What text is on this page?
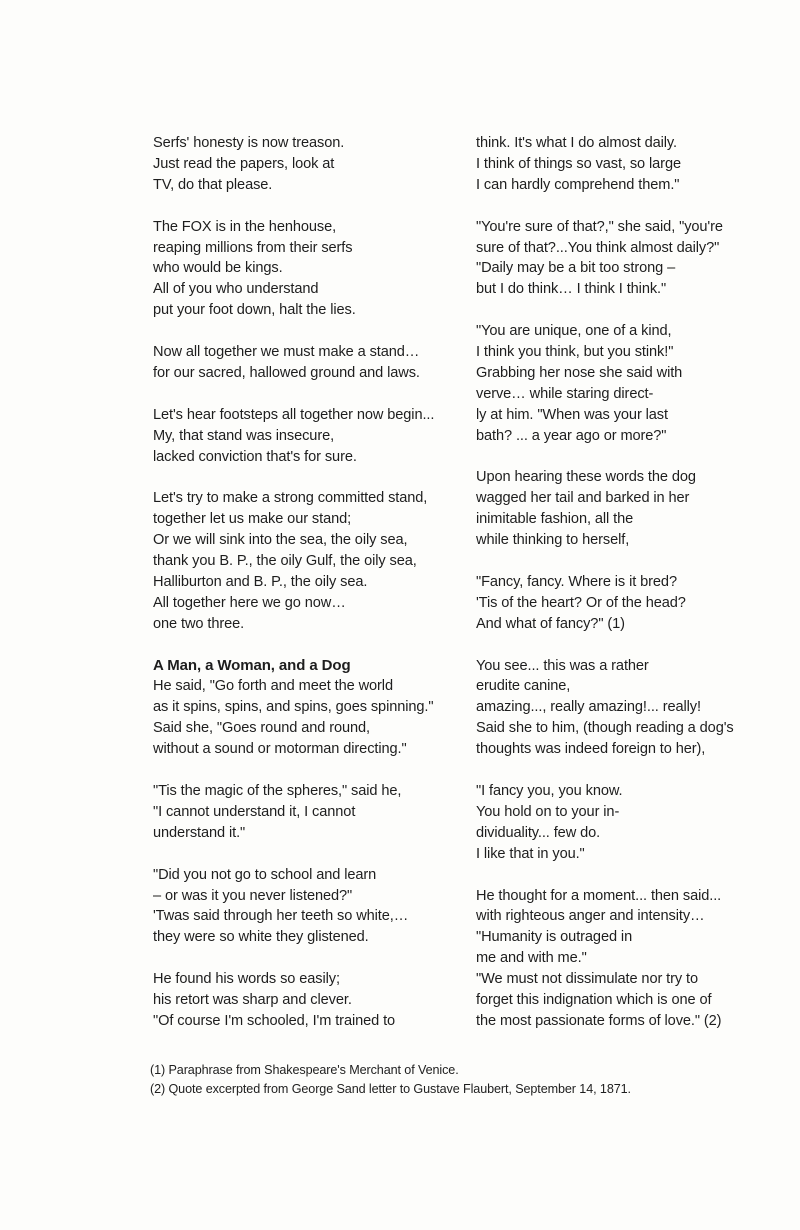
Serfs' honesty is now treason.
Just read the papers, look at
TV, do that please.
The FOX is in the henhouse,
reaping millions from their serfs
who would be kings.
All of you who understand
put your foot down, halt the lies.
Now all together we must make a stand…
for our sacred, hallowed ground and laws.
Let's hear footsteps all together now begin...
My, that stand was insecure,
lacked conviction that's for sure.
Let's try to make a strong committed stand,
together let us make our stand;
Or we will sink into the sea, the oily sea,
thank you B. P., the oily Gulf, the oily sea,
Halliburton and B. P., the oily sea.
All together here we go now…
one two three.
A Man, a Woman, and a Dog
He said, "Go forth and meet the world
as it spins, spins, and spins, goes spinning."
Said she, "Goes round and round,
without a sound or motorman directing."
"Tis the magic of the spheres," said he,
"I cannot understand it, I cannot
understand it."
"Did you not go to school and learn
– or was it you never listened?"
'Twas said through her teeth so white,…
they were so white they glistened.
He found his words so easily;
his retort was sharp and clever.
"Of course I'm schooled, I'm trained to
think. It's what I do almost daily.
I think of things so vast, so large
I can hardly comprehend them."
"You're sure of that?," she said, "you're
sure of that?...You think almost daily?"
"Daily may be a bit too strong –
but I do think… I think I think."
"You are unique, one of a kind,
I think you think, but you stink!"
Grabbing her nose she said with
verve… while staring direct-
ly at him. "When was your last
bath? ... a year ago or more?"
Upon hearing these words the dog
wagged her tail and barked in her
inimitable fashion, all the
while thinking to herself,
"Fancy, fancy. Where is it bred?
'Tis of the heart? Or of the head?
And what of fancy?" (1)
You see... this was a rather
erudite canine,
amazing..., really amazing!... really!
Said she to him, (though reading a dog's
thoughts was indeed foreign to her),
"I fancy you, you know.
You hold on to your in-
dividuality... few do.
I like that in you."
He thought for a moment... then said...
with righteous anger and intensity…
"Humanity is outraged in
me and with me."
"We must not dissimulate nor try to
forget this indignation which is one of
the most passionate forms of love." (2)
(1) Paraphrase from Shakespeare's Merchant of Venice.
(2) Quote excerpted from George Sand letter to Gustave Flaubert, September 14, 1871.
